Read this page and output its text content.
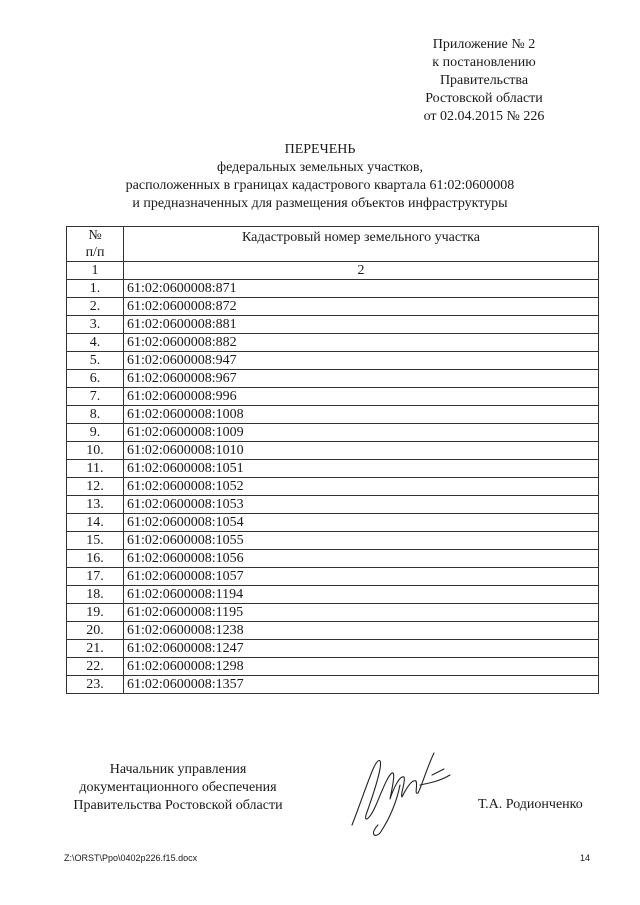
Приложение № 2
к постановлению
Правительства
Ростовской области
от 02.04.2015 № 226
ПЕРЕЧЕНЬ
федеральных земельных участков,
расположенных в границах кадастрового квартала 61:02:0600008
и предназначенных для размещения объектов инфраструктуры
№
п/п	Кадастровый номер земельного участка
1	2
1.	61:02:0600008:871
2.	61:02:0600008:872
3.	61:02:0600008:881
4.	61:02:0600008:882
5.	61:02:0600008:947
6.	61:02:0600008:967
7.	61:02:0600008:996
8.	61:02:0600008:1008
9.	61:02:0600008:1009
10.	61:02:0600008:1010
11.	61:02:0600008:1051
12.	61:02:0600008:1052
13.	61:02:0600008:1053
14.	61:02:0600008:1054
15.	61:02:0600008:1055
16.	61:02:0600008:1056
17.	61:02:0600008:1057
18.	61:02:0600008:1194
19.	61:02:0600008:1195
20.	61:02:0600008:1238
21.	61:02:0600008:1247
22.	61:02:0600008:1298
23.	61:02:0600008:1357
Начальник управления
документационного обеспечения
Правительства Ростовской области	Т.А. Родионченко
Z:\ORST\Ppo\0402p226.f15.docx	14
